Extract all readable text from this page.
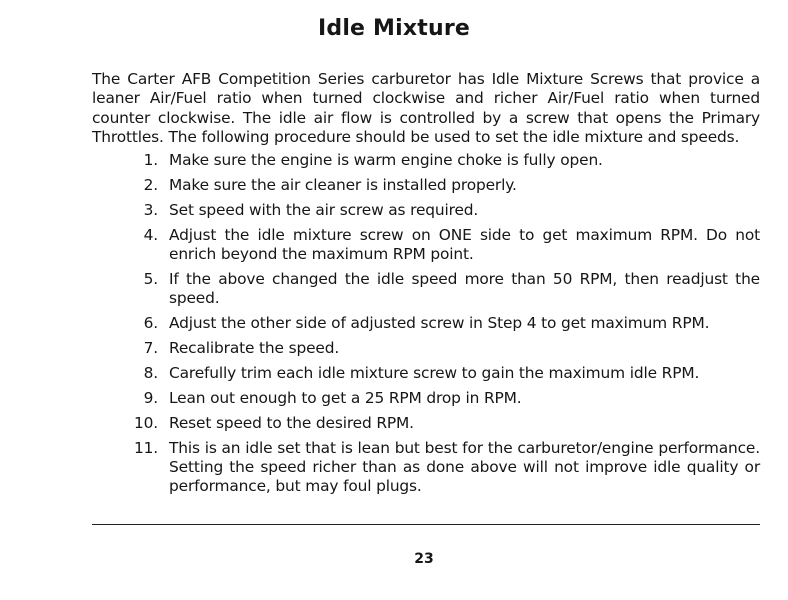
Idle Mixture

The Carter AFB Competition Series carburetor has Idle Mixture Screws that provice a leaner Air/Fuel ratio when turned clockwise and richer Air/Fuel ratio when turned counter clockwise. The idle air flow is controlled by a screw that opens the Primary Throttles. The following procedure should be used to set the idle mixture and speeds.

1. Make sure the engine is warm engine choke is fully open.
2. Make sure the air cleaner is installed properly.
3. Set speed with the air screw as required.
4. Adjust the idle mixture screw on ONE side to get maximum RPM. Do not enrich beyond the maximum RPM point.
5. If the above changed the idle speed more than 50 RPM, then readjust the speed.
6. Adjust the other side of adjusted screw in Step 4 to get maximum RPM.
7. Recalibrate the speed.
8. Carefully trim each idle mixture screw to gain the maximum idle RPM.
9. Lean out enough to get a 25 RPM drop in RPM.
10. Reset speed to the desired RPM.
11. This is an idle set that is lean but best for the carburetor/engine performance. Setting the speed richer than as done above will not improve idle quality or performance, but may foul plugs.
23
